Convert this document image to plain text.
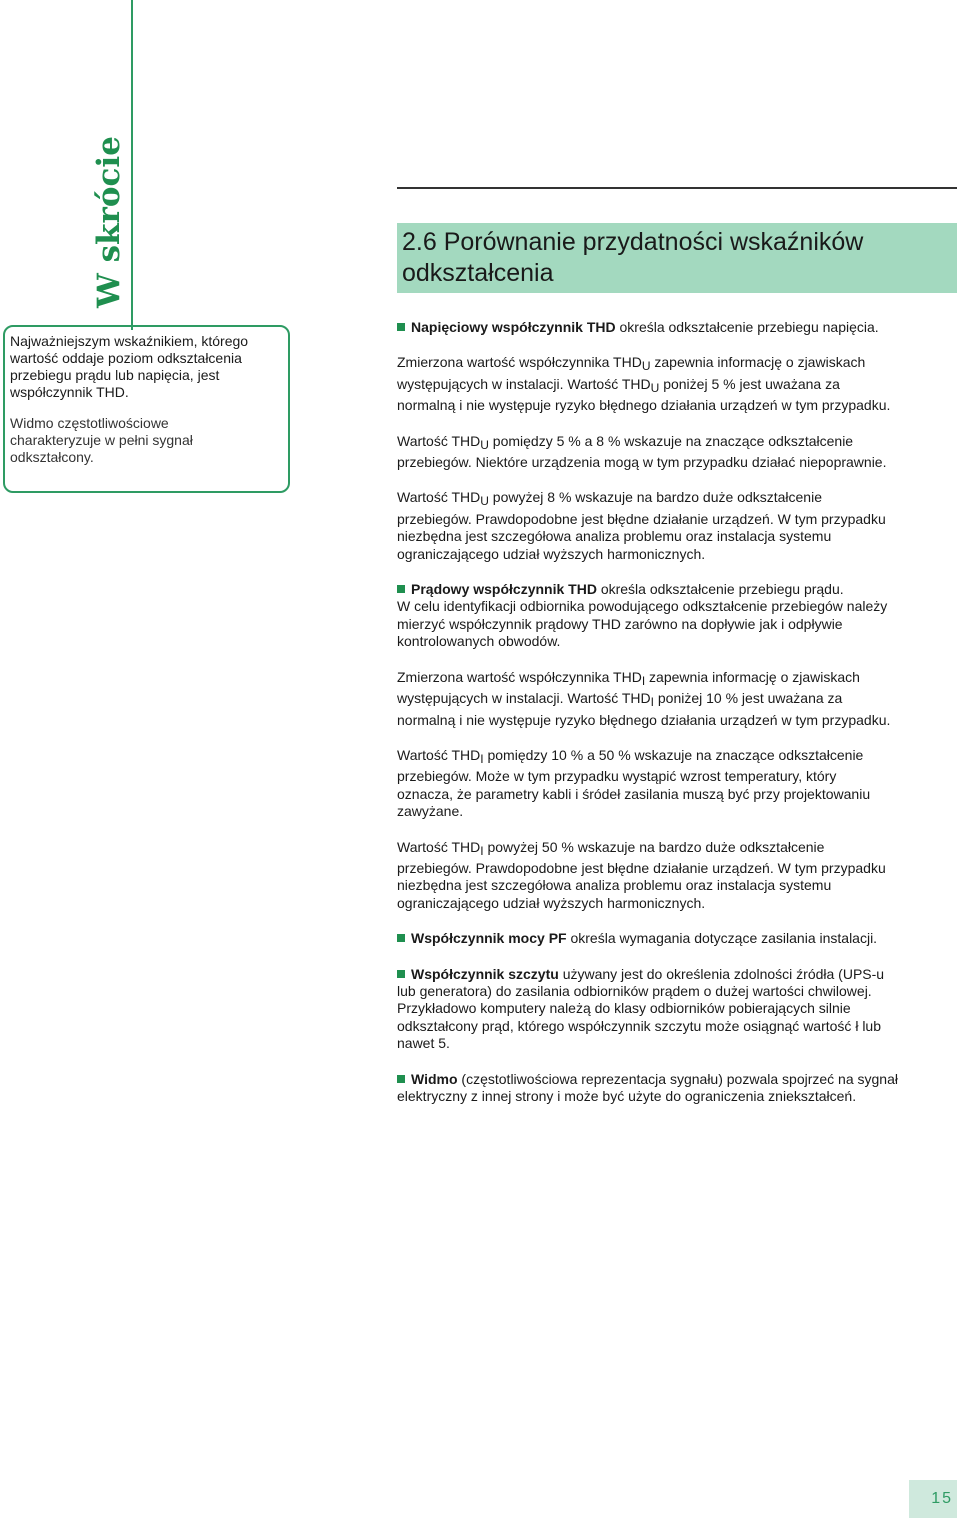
W skrócie

Najważniejszym wskaźnikiem, którego
wartość oddaje poziom odkształcenia
przebiegu prądu lub napięcia, jest
współczynnik THD.

Widmo częstotliwościowe
charakteryzuje w pełni sygnał
odkształcony.

2.6 Porównanie przydatności wskaźników
odkształcenia

Napięciowy współczynnik THD określa odkształcenie przebiegu napięcia.

Zmierzona wartość współczynnika THDU zapewnia informację o zjawiskach

występujących w instalacji. Wartość THDU poniżej 5 % jest uważana za

normalną i nie występuje ryzyko błędnego działania urządzeń w tym przypadku.

Wartość THDU pomiędzy 5 % a 8 % wskazuje na znaczące odkształcenie

przebiegów. Niektóre urządzenia mogą w tym przypadku działać niepoprawnie.

Wartość THDU powyżej 8 % wskazuje na bardzo duże odkształcenie

przebiegów. Prawdopodobne jest błędne działanie urządzeń. W tym przypadku

niezbędna jest szczegółowa analiza problemu oraz instalacja systemu

ograniczającego udział wyższych harmonicznych.

Prądowy współczynnik THD określa odkształcenie przebiegu prądu.

W celu identyfikacji odbiornika powodującego odkształcenie przebiegów należy

mierzyć współczynnik prądowy THD zarówno na dopływie jak i odpływie

kontrolowanych obwodów.

Zmierzona wartość współczynnika THDI zapewnia informację o zjawiskach

występujących w instalacji. Wartość THDI poniżej 10 % jest uważana za

normalną i nie występuje ryzyko błędnego działania urządzeń w tym przypadku.

Wartość THDI pomiędzy 10 % a 50 % wskazuje na znaczące odkształcenie

przebiegów. Może w tym przypadku wystąpić wzrost temperatury, który

oznacza, że parametry kabli i śródeł zasilania muszą być przy projektowaniu

zawyżane.

Wartość THDI powyżej 50 % wskazuje na bardzo duże odkształcenie

przebiegów. Prawdopodobne jest błędne działanie urządzeń. W tym przypadku

niezbędna jest szczegółowa analiza problemu oraz instalacja systemu

ograniczającego udział wyższych harmonicznych.

Współczynnik mocy PF określa wymagania dotyczące zasilania instalacji.

Współczynnik szczytu używany jest do określenia zdolności źródła (UPS-u

lub generatora) do zasilania odbiorników prądem o dużej wartości chwilowej.

Przykładowo komputery należą do klasy odbiorników pobierających silnie

odkształcony prąd, którego współczynnik szczytu może osiągnąć wartość ł lub

nawet 5.

Widmo (częstotliwościowa reprezentacja sygnału) pozwala spojrzeć na sygnał

elektryczny z innej strony i może być użyte do ograniczenia zniekształceń.

15
